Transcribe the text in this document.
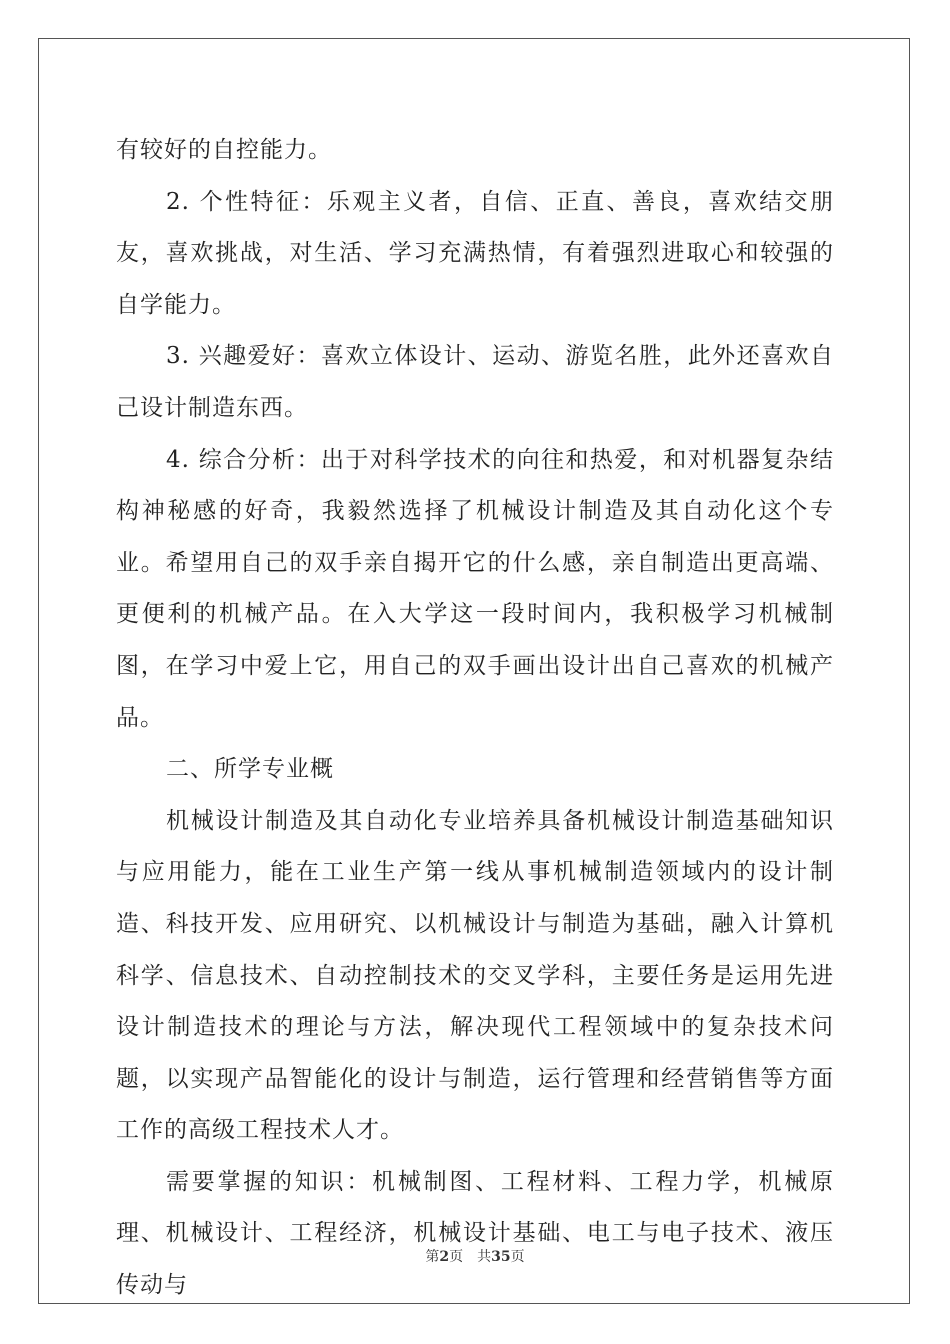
有较好的自控能力。

2. 个性特征：乐观主义者，自信、正直、善良，喜欢结交朋友，喜欢挑战，对生活、学习充满热情，有着强烈进取心和较强的自学能力。

3. 兴趣爱好：喜欢立体设计、运动、游览名胜，此外还喜欢自己设计制造东西。

4. 综合分析：出于对科学技术的向往和热爱，和对机器复杂结构神秘感的好奇，我毅然选择了机械设计制造及其自动化这个专业。希望用自己的双手亲自揭开它的什么感，亲自制造出更高端、更便利的机械产品。在入大学这一段时间内，我积极学习机械制图，在学习中爱上它，用自己的双手画出设计出自己喜欢的机械产品。

二、所学专业概

机械设计制造及其自动化专业培养具备机械设计制造基础知识与应用能力，能在工业生产第一线从事机械制造领域内的设计制造、科技开发、应用研究、以机械设计与制造为基础，融入计算机科学、信息技术、自动控制技术的交叉学科，主要任务是运用先进设计制造技术的理论与方法，解决现代工程领域中的复杂技术问题，以实现产品智能化的设计与制造，运行管理和经营销售等方面工作的高级工程技术人才。

需要掌握的知识：机械制图、工程材料、工程力学，机械原理、机械设计、工程经济，机械设计基础、电工与电子技术、液压传动与

第2页 共35页
